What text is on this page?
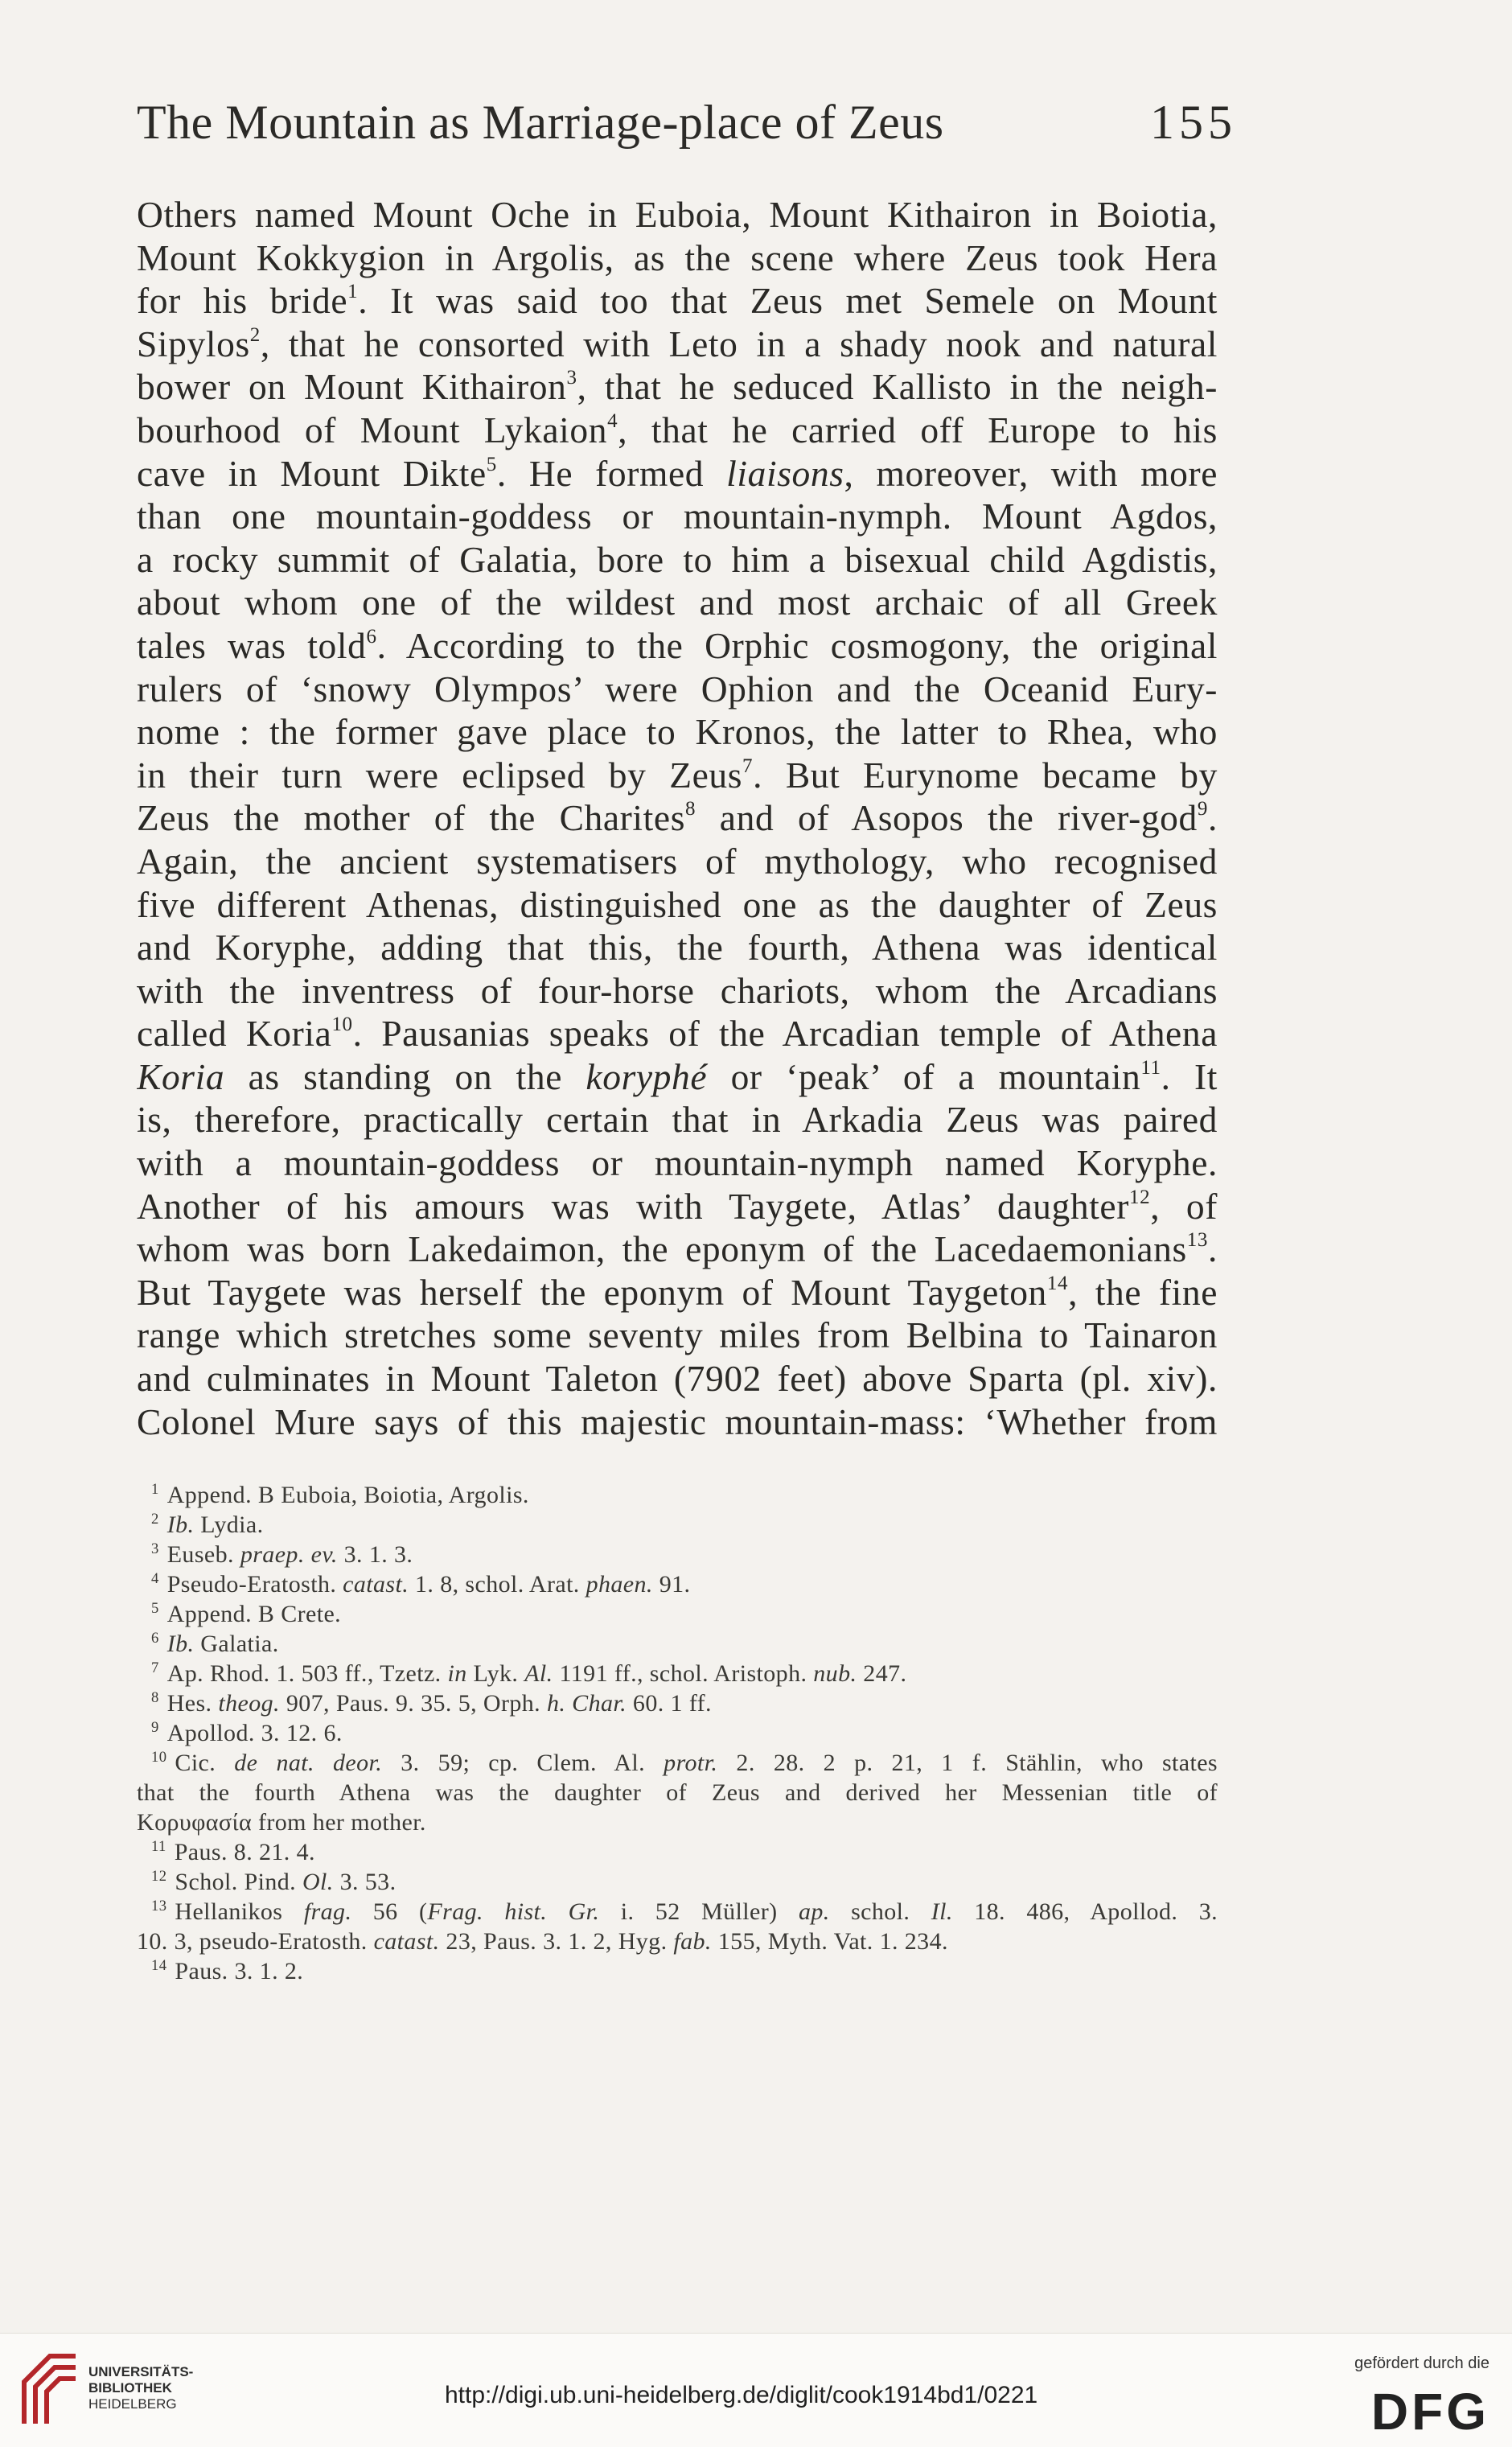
The Mountain as Marriage-place of Zeus	155
Others named Mount Oche in Euboia, Mount Kithairon in Boiotia,
Mount Kokkygion in Argolis, as the scene where Zeus took Hera
for his bride$^1$. It was said too that Zeus met Semele on Mount
Sipylos$^2$, that he consorted with Leto in a shady nook and natural
bower on Mount Kithairon$^3$, that he seduced Kallisto in the neigh-
bourhood of Mount Lykaion$^4$, that he carried off Europe to his
cave in Mount Dikte$^5$. He formed liaisons, moreover, with more
than one mountain-goddess or mountain-nymph. Mount Agdos,
a rocky summit of Galatia, bore to him a bisexual child Agdistis,
about whom one of the wildest and most archaic of all Greek
tales was told$^6$. According to the Orphic cosmogony, the original
rulers of ‘snowy Olympos’ were Ophion and the Oceanid Eury-
nome : the former gave place to Kronos, the latter to Rhea, who
in their turn were eclipsed by Zeus$^7$. But Eurynome became by
Zeus the mother of the Charites$^8$ and of Asopos the river-god$^9$.
Again, the ancient systematisers of mythology, who recognised
five different Athenas, distinguished one as the daughter of Zeus
and Koryphe, adding that this, the fourth, Athena was identical
with the inventress of four-horse chariots, whom the Arcadians
called Koria$^{10}$. Pausanias speaks of the Arcadian temple of Athena
Koria as standing on the koryphé or ‘peak’ of a mountain$^{11}$. It
is, therefore, practically certain that in Arkadia Zeus was paired
with a mountain-goddess or mountain-nymph named Koryphe.
Another of his amours was with Taygete, Atlas’ daughter$^{12}$, of
whom was born Lakedaimon, the eponym of the Lacedaemonians$^{13}$.
But Taygete was herself the eponym of Mount Taygeton$^{14}$, the fine
range which stretches some seventy miles from Belbina to Tainaron
and culminates in Mount Taleton (7902 feet) above Sparta (pl. xiv).
Colonel Mure says of this majestic mountain-mass: ‘Whether from
$^1$ Append. B Euboia, Boiotia, Argolis.
$^2$ Ib. Lydia.
$^3$ Euseb. praep. ev. 3. 1. 3.
$^4$ Pseudo-Eratosth. catast. 1. 8, schol. Arat. phaen. 91.
$^5$ Append. B Crete.
$^6$ Ib. Galatia.
$^7$ Ap. Rhod. 1. 503 ff., Tzetz. in Lyk. Al. 1191 ff., schol. Aristoph. nub. 247.
$^8$ Hes. theog. 907, Paus. 9. 35. 5, Orph. h. Char. 60. 1 ff.
$^9$ Apollod. 3. 12. 6.
$^{10}$ Cic. de nat. deor. 3. 59; cp. Clem. Al. protr. 2. 28. 2 p. 21, 1 f. Stählin, who states
that the fourth Athena was the daughter of Zeus and derived her Messenian title of
Κορυφασία from her mother.
$^{11}$ Paus. 8. 21. 4.
$^{12}$ Schol. Pind. Ol. 3. 53.
$^{13}$ Hellanikos frag. 56 (Frag. hist. Gr. i. 52 Müller) ap. schol. Il. 18. 486, Apollod. 3.
10. 3, pseudo-Eratosth. catast. 23, Paus. 3. 1. 2, Hyg. fab. 155, Myth. Vat. 1. 234.
$^{14}$ Paus. 3. 1. 2.
UNIVERSITÄTS-
BIBLIOTHEK
HEIDELBERG	http://digi.ub.uni-heidelberg.de/diglit/cook1914bd1/0221
gefördert durch die
DFG
